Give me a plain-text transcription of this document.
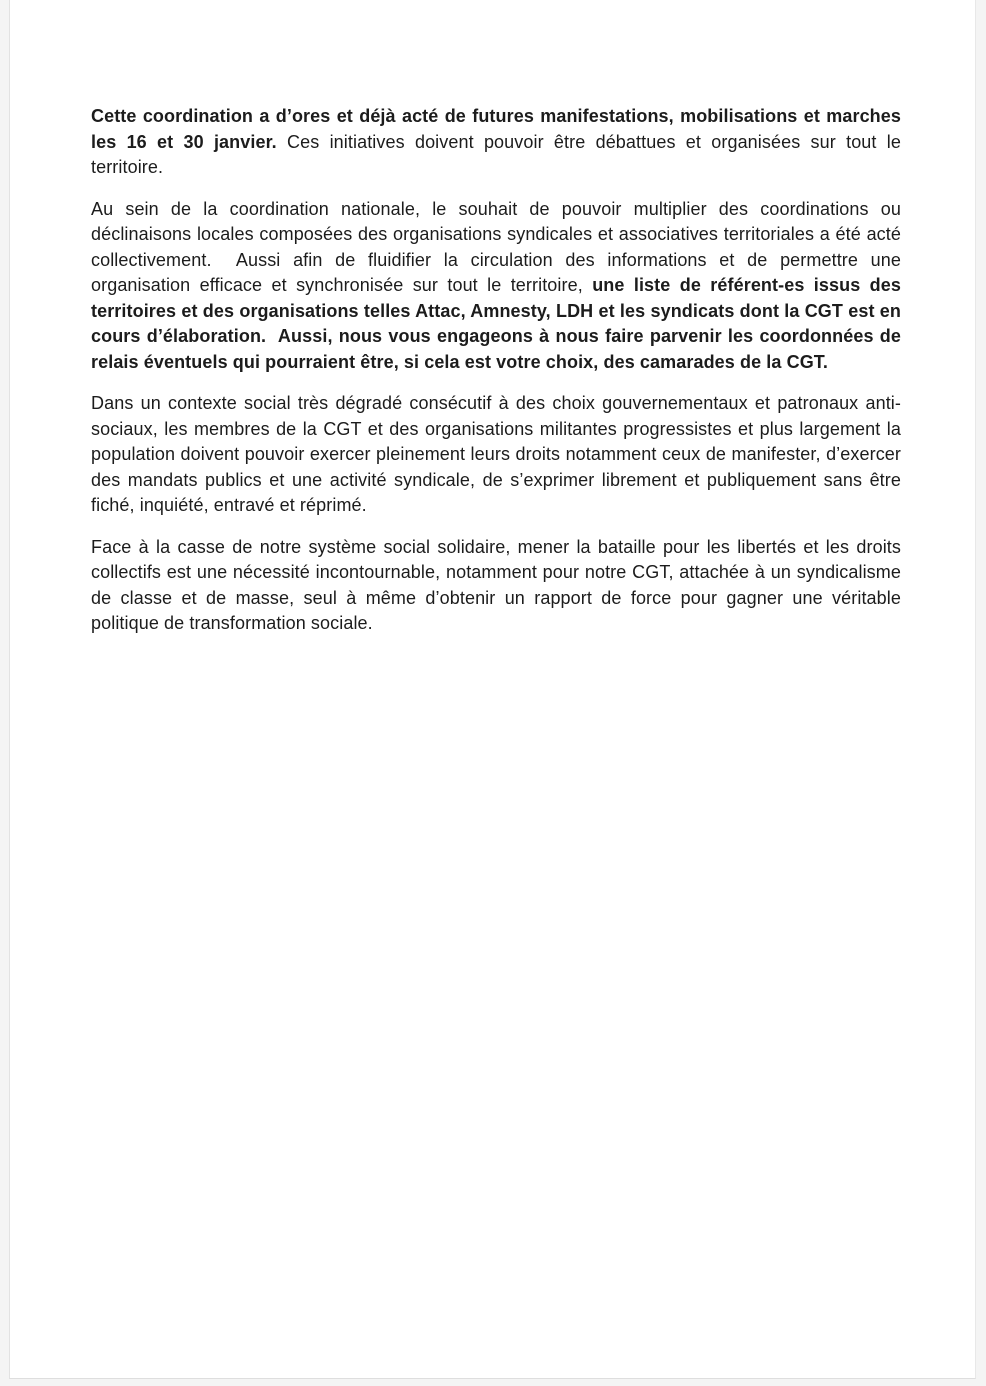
Cette coordination a d’ores et déjà acté de futures manifestations, mobilisations et marches les 16 et 30 janvier. Ces initiatives doivent pouvoir être débattues et organisées sur tout le territoire.

Au sein de la coordination nationale, le souhait de pouvoir multiplier des coordinations ou déclinaisons locales composées des organisations syndicales et associatives territoriales a été acté collectivement.  Aussi afin de fluidifier la circulation des informations et de permettre une organisation efficace et synchronisée sur tout le territoire, une liste de référent-es issus des territoires et des organisations telles Attac, Amnesty, LDH et les syndicats dont la CGT est en cours d’élaboration.  Aussi, nous vous engageons à nous faire parvenir les coordonnées de relais éventuels qui pourraient être, si cela est votre choix, des camarades de la CGT.

Dans un contexte social très dégradé consécutif à des choix gouvernementaux et patronaux anti-sociaux, les membres de la CGT et des organisations militantes progressistes et plus largement la population doivent pouvoir exercer pleinement leurs droits notamment ceux de manifester, d’exercer des mandats publics et une activité syndicale, de s’exprimer librement et publiquement sans être fiché, inquiété, entravé et réprimé.

Face à la casse de notre système social solidaire, mener la bataille pour les libertés et les droits collectifs est une nécessité incontournable, notamment pour notre CGT, attachée à un syndicalisme de classe et de masse, seul à même d’obtenir un rapport de force pour gagner une véritable politique de transformation sociale.
